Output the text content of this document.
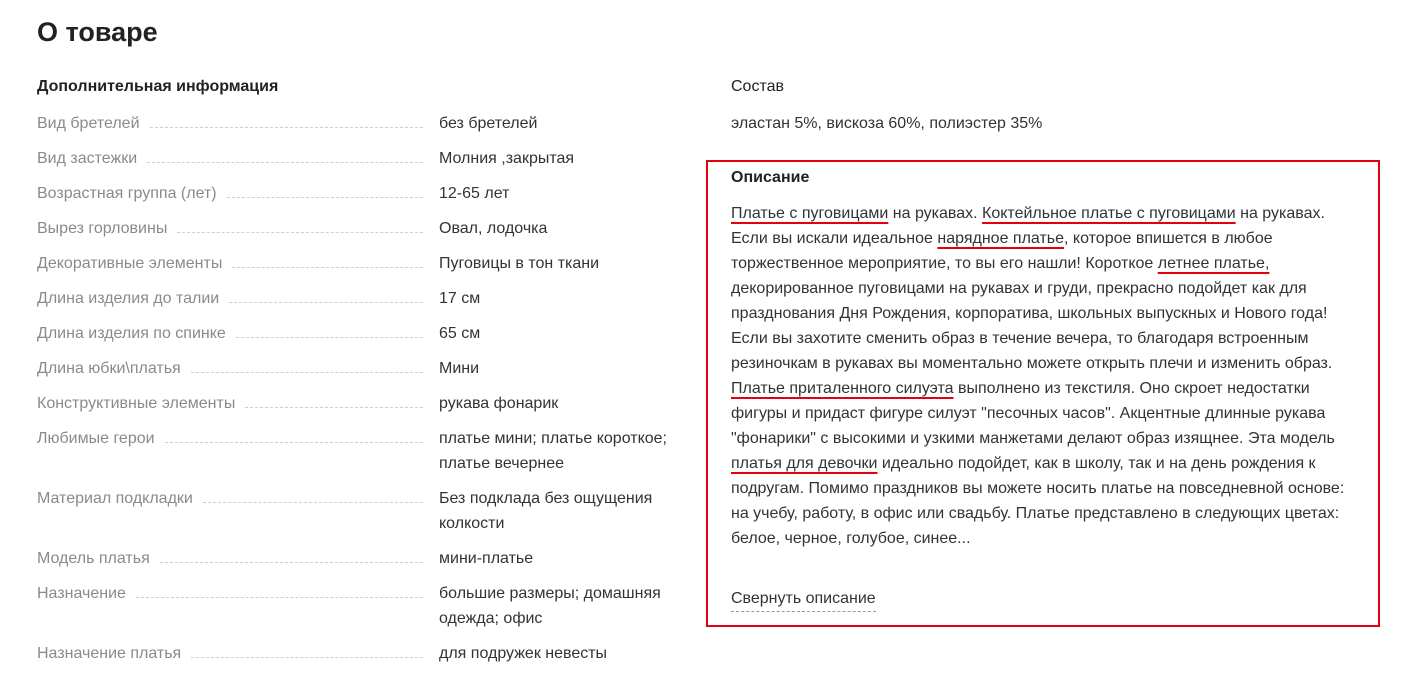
О товаре
Дополнительная информация
Вид бретелей	без бретелей
Вид застежки	Молния ,закрытая
Возрастная группа (лет)	12-65 лет
Вырез горловины	Овал, лодочка
Декоративные элементы	Пуговицы в тон ткани
Длина изделия до талии	17 см
Длина изделия по спинке	65 см
Длина юбки\платья	Мини
Конструктивные элементы	рукава фонарик
Любимые герои	платье мини; платье короткое; платье вечернее
Материал подкладки	Без подклада без ощущения колкости
Модель платья	мини-платье
Назначение	большие размеры; домашняя одежда; офис
Назначение платья	для подружек невесты
Состав
эластан 5%, вискоза 60%, полиэстер 35%
Описание

Платье с пуговицами на рукавах. Коктейльное платье с пуговицами на рукавах. Если вы искали идеальное нарядное платье, которое впишется в любое торжественное мероприятие, то вы его нашли! Короткое летнее платье, декорированное пуговицами на рукавах и груди, прекрасно подойдет как для празднования Дня Рождения, корпоратива, школьных выпускных и Нового года! Если вы захотите сменить образ в течение вечера, то благодаря встроенным резиночкам в рукавах вы моментально можете открыть плечи и изменить образ. Платье приталенного силуэта выполнено из текстиля. Оно скроет недостатки фигуры и придаст фигуре силуэт "песочных часов". Акцентные длинные рукава "фонарики" с высокими и узкими манжетами делают образ изящнее. Эта модель платья для девочки идеально подойдет, как в школу, так и на день рождения к подругам. Помимо праздников вы можете носить платье на повседневной основе: на учебу, работу, в офис или свадьбу. Платье представлено в следующих цветах: белое, черное, голубое, синее...

Свернуть описание
